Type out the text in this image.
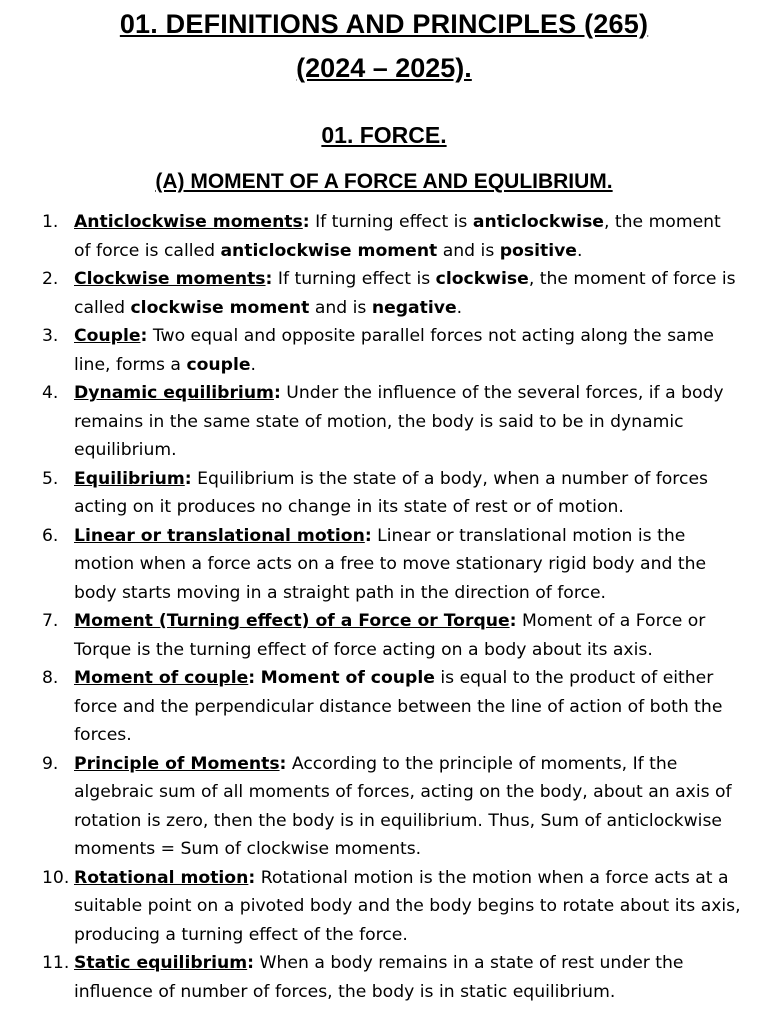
01. DEFINITIONS AND PRINCIPLES (265)
(2024 – 2025).
01. FORCE.
(A) MOMENT OF A FORCE AND EQULIBRIUM.
1. Anticlockwise moments: If turning effect is anticlockwise, the moment of force is called anticlockwise moment and is positive.
2. Clockwise moments: If turning effect is clockwise, the moment of force is called clockwise moment and is negative.
3. Couple: Two equal and opposite parallel forces not acting along the same line, forms a couple.
4. Dynamic equilibrium: Under the influence of the several forces, if a body remains in the same state of motion, the body is said to be in dynamic equilibrium.
5. Equilibrium: Equilibrium is the state of a body, when a number of forces acting on it produces no change in its state of rest or of motion.
6. Linear or translational motion: Linear or translational motion is the motion when a force acts on a free to move stationary rigid body and the body starts moving in a straight path in the direction of force.
7. Moment (Turning effect) of a Force or Torque: Moment of a Force or Torque is the turning effect of force acting on a body about its axis.
8. Moment of couple: Moment of couple is equal to the product of either force and the perpendicular distance between the line of action of both the forces.
9. Principle of Moments: According to the principle of moments, If the algebraic sum of all moments of forces, acting on the body, about an axis of rotation is zero, then the body is in equilibrium. Thus, Sum of anticlockwise moments = Sum of clockwise moments.
10. Rotational motion: Rotational motion is the motion when a force acts at a suitable point on a pivoted body and the body begins to rotate about its axis, producing a turning effect of the force.
11. Static equilibrium: When a body remains in a state of rest under the influence of number of forces, the body is in static equilibrium.
